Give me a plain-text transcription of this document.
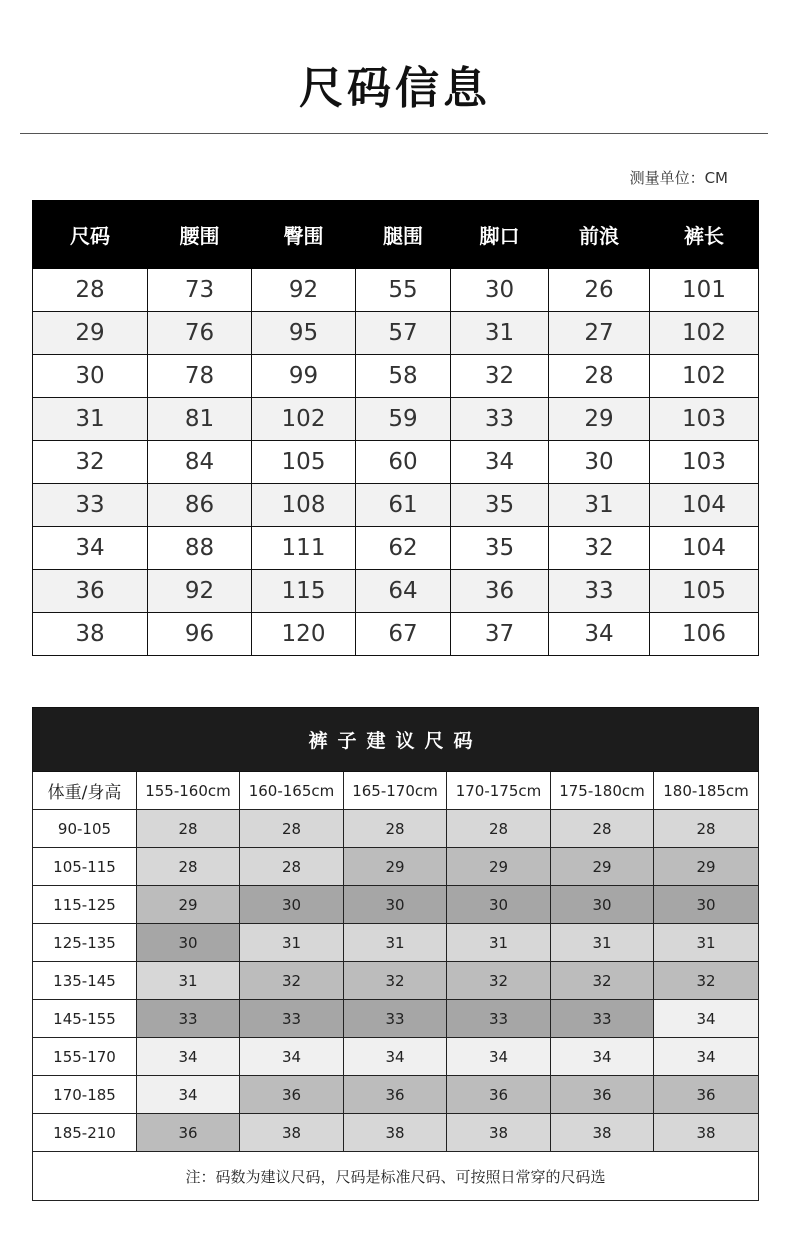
尺码信息
测量单位：CM
尺码	腰围	臀围	腿围	脚口	前浪	裤长
28	73	92	55	30	26	101
29	76	95	57	31	27	102
30	78	99	58	32	28	102
31	81	102	59	33	29	103
32	84	105	60	34	30	103
33	86	108	61	35	31	104
34	88	111	62	35	32	104
36	92	115	64	36	33	105
38	96	120	67	37	34	106
裤子建议尺码						
体重/身高	155-160cm	160-165cm	165-170cm	170-175cm	175-180cm	180-185cm
90-105	28	28	28	28	28	28
105-115	28	28	29	29	29	29
115-125	29	30	30	30	30	30
125-135	30	31	31	31	31	31
135-145	31	32	32	32	32	32
145-155	33	33	33	33	33	34
155-170	34	34	34	34	34	34
170-185	34	36	36	36	36	36
185-210	36	38	38	38	38	38
注：码数为建议尺码，尺码是标准尺码、可按照日常穿的尺码选						
